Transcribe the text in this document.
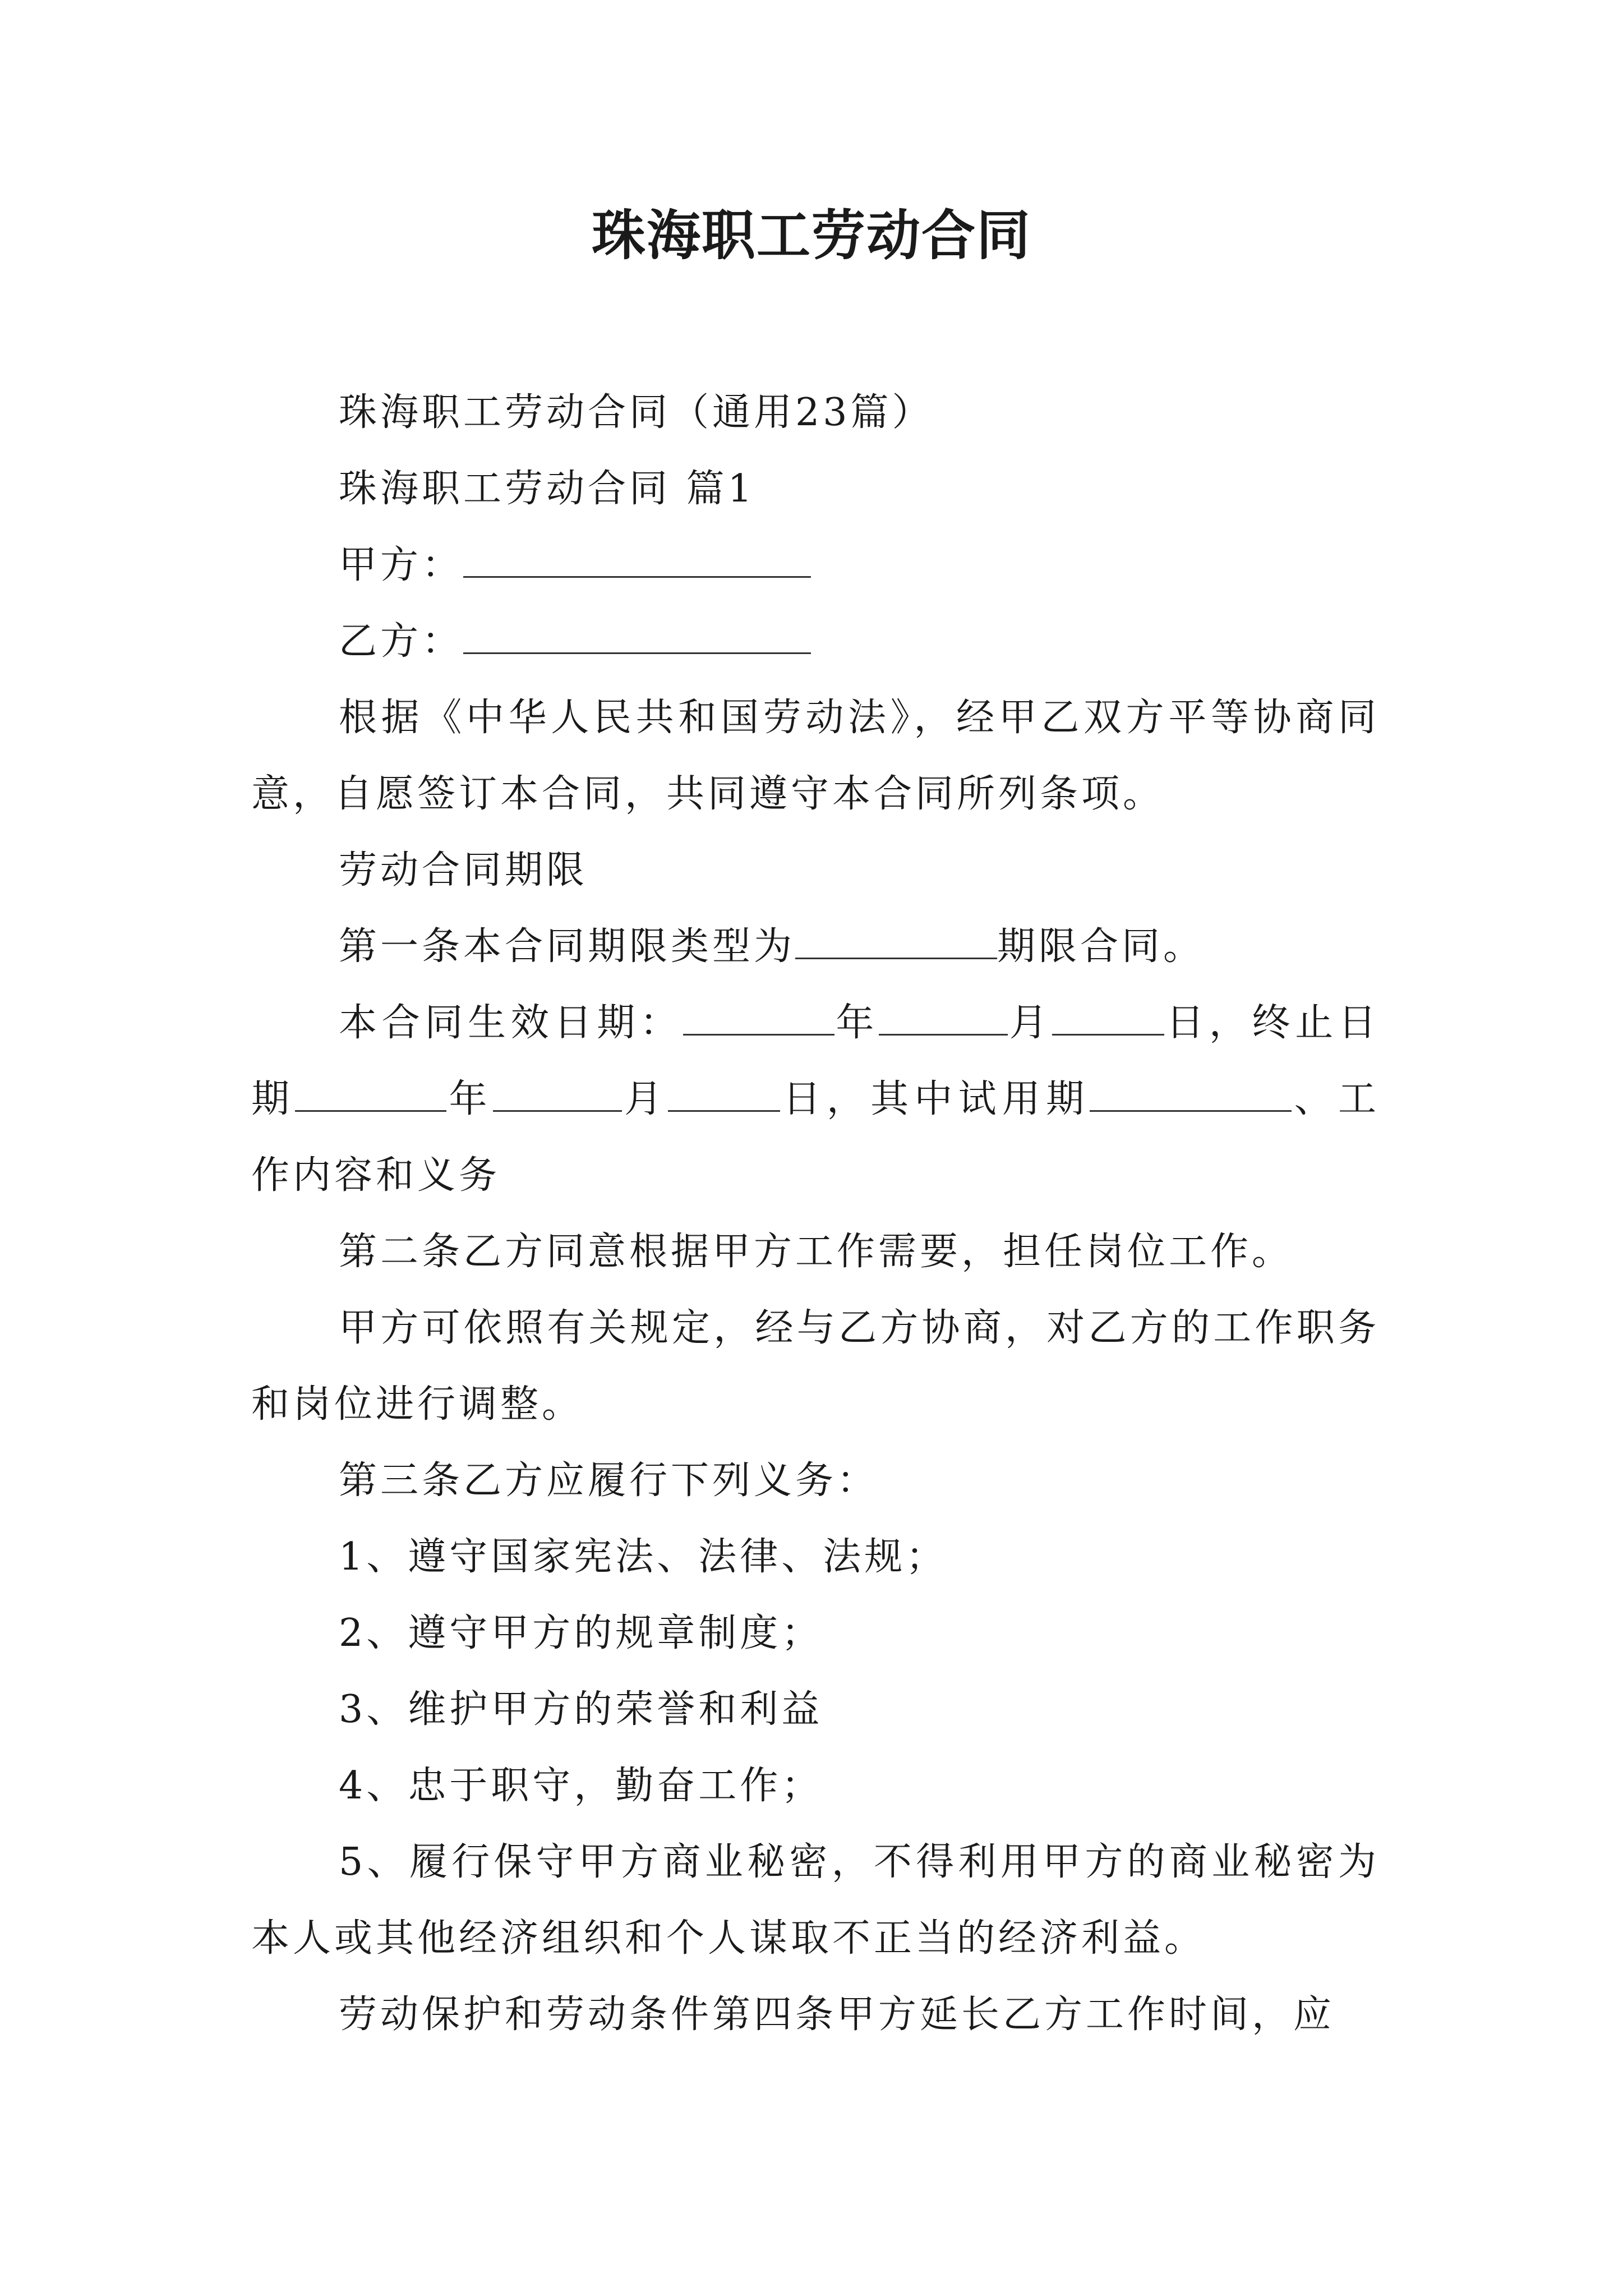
珠海职工劳动合同

珠海职工劳动合同（通用23篇）

珠海职工劳动合同 篇1

甲方：

乙方：

根据《中华人民共和国劳动法》，经甲乙双方平等协商同意，自愿签订本合同，共同遵守本合同所列条项。

劳动合同期限

第一条本合同期限类型为	期限合同。

本合同生效日期：	年	月	日，终止日期	年	月	日，其中试用期	、工作内容和义务

第二条乙方同意根据甲方工作需要，担任岗位工作。

甲方可依照有关规定，经与乙方协商，对乙方的工作职务和岗位进行调整。

第三条乙方应履行下列义务：

1、遵守国家宪法、法律、法规；

2、遵守甲方的规章制度；

3、维护甲方的荣誉和利益

4、忠于职守，勤奋工作；

5、履行保守甲方商业秘密，不得利用甲方的商业秘密为本人或其他经济组织和个人谋取不正当的经济利益。

劳动保护和劳动条件第四条甲方延长乙方工作时间，应
